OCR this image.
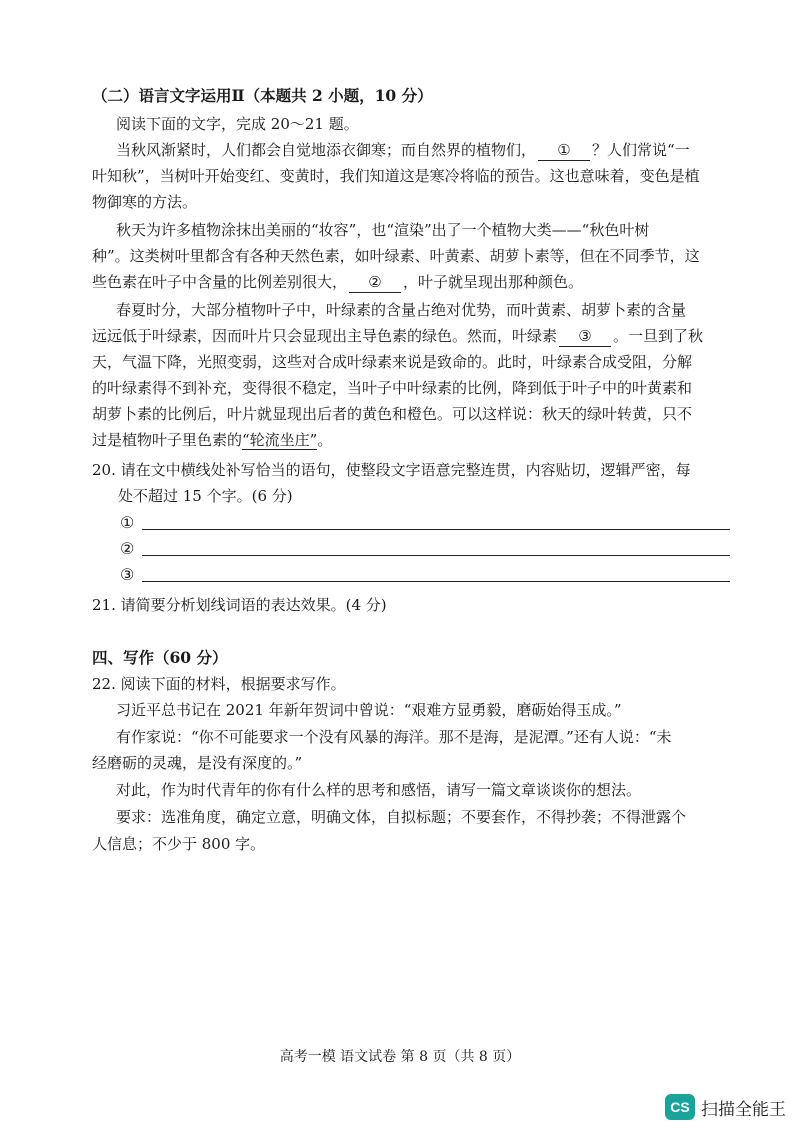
（二）语言文字运用Ⅱ（本题共 2 小题，10 分）
阅读下面的文字，完成 20～21 题。
当秋风渐紧时，人们都会自觉地添衣御寒；而自然界的植物们， ① ？人们常说“一
叶知秋”，当树叶开始变红、变黄时，我们知道这是寒冷将临的预告。这也意味着，变色是植
物御寒的方法。
秋天为许多植物涂抹出美丽的“妆容”，也“渲染”出了一个植物大类——“秋色叶树
种”。这类树叶里都含有各种天然色素，如叶绿素、叶黄素、胡萝卜素等，但在不同季节，这
些色素在叶子中含量的比例差别很大， ② ，叶子就呈现出那种颜色。
春夏时分，大部分植物叶子中，叶绿素的含量占绝对优势，而叶黄素、胡萝卜素的含量
远远低于叶绿素，因而叶片只会显现出主导色素的绿色。然而，叶绿素 ③ 。一旦到了秋
天，气温下降，光照变弱，这些对合成叶绿素来说是致命的。此时，叶绿素合成受阻，分解
的叶绿素得不到补充，变得很不稳定，当叶子中叶绿素的比例，降到低于叶子中的叶黄素和
胡萝卜素的比例后，叶片就显现出后者的黄色和橙色。可以这样说：秋天的绿叶转黄，只不
过是植物叶子里色素的“轮流坐庄”。
20. 请在文中横线处补写恰当的语句，使整段文字语意完整连贯，内容贴切，逻辑严密，每
处不超过 15 个字。(6 分)
①
②
③
21. 请简要分析划线词语的表达效果。(4 分)
四、写作（60 分）
22. 阅读下面的材料，根据要求写作。
习近平总书记在 2021 年新年贺词中曾说：“艰难方显勇毅，磨砺始得玉成。”
有作家说：“你不可能要求一个没有风暴的海洋。那不是海，是泥潭。”还有人说：“未
经磨砺的灵魂，是没有深度的。”
对此，作为时代青年的你有什么样的思考和感悟，请写一篇文章谈谈你的想法。
要求：选准角度，确定立意，明确文体，自拟标题；不要套作，不得抄袭；不得泄露个
人信息；不少于 800 字。
高考一模 语文试卷 第 8 页（共 8 页）
CS 扫描全能王
